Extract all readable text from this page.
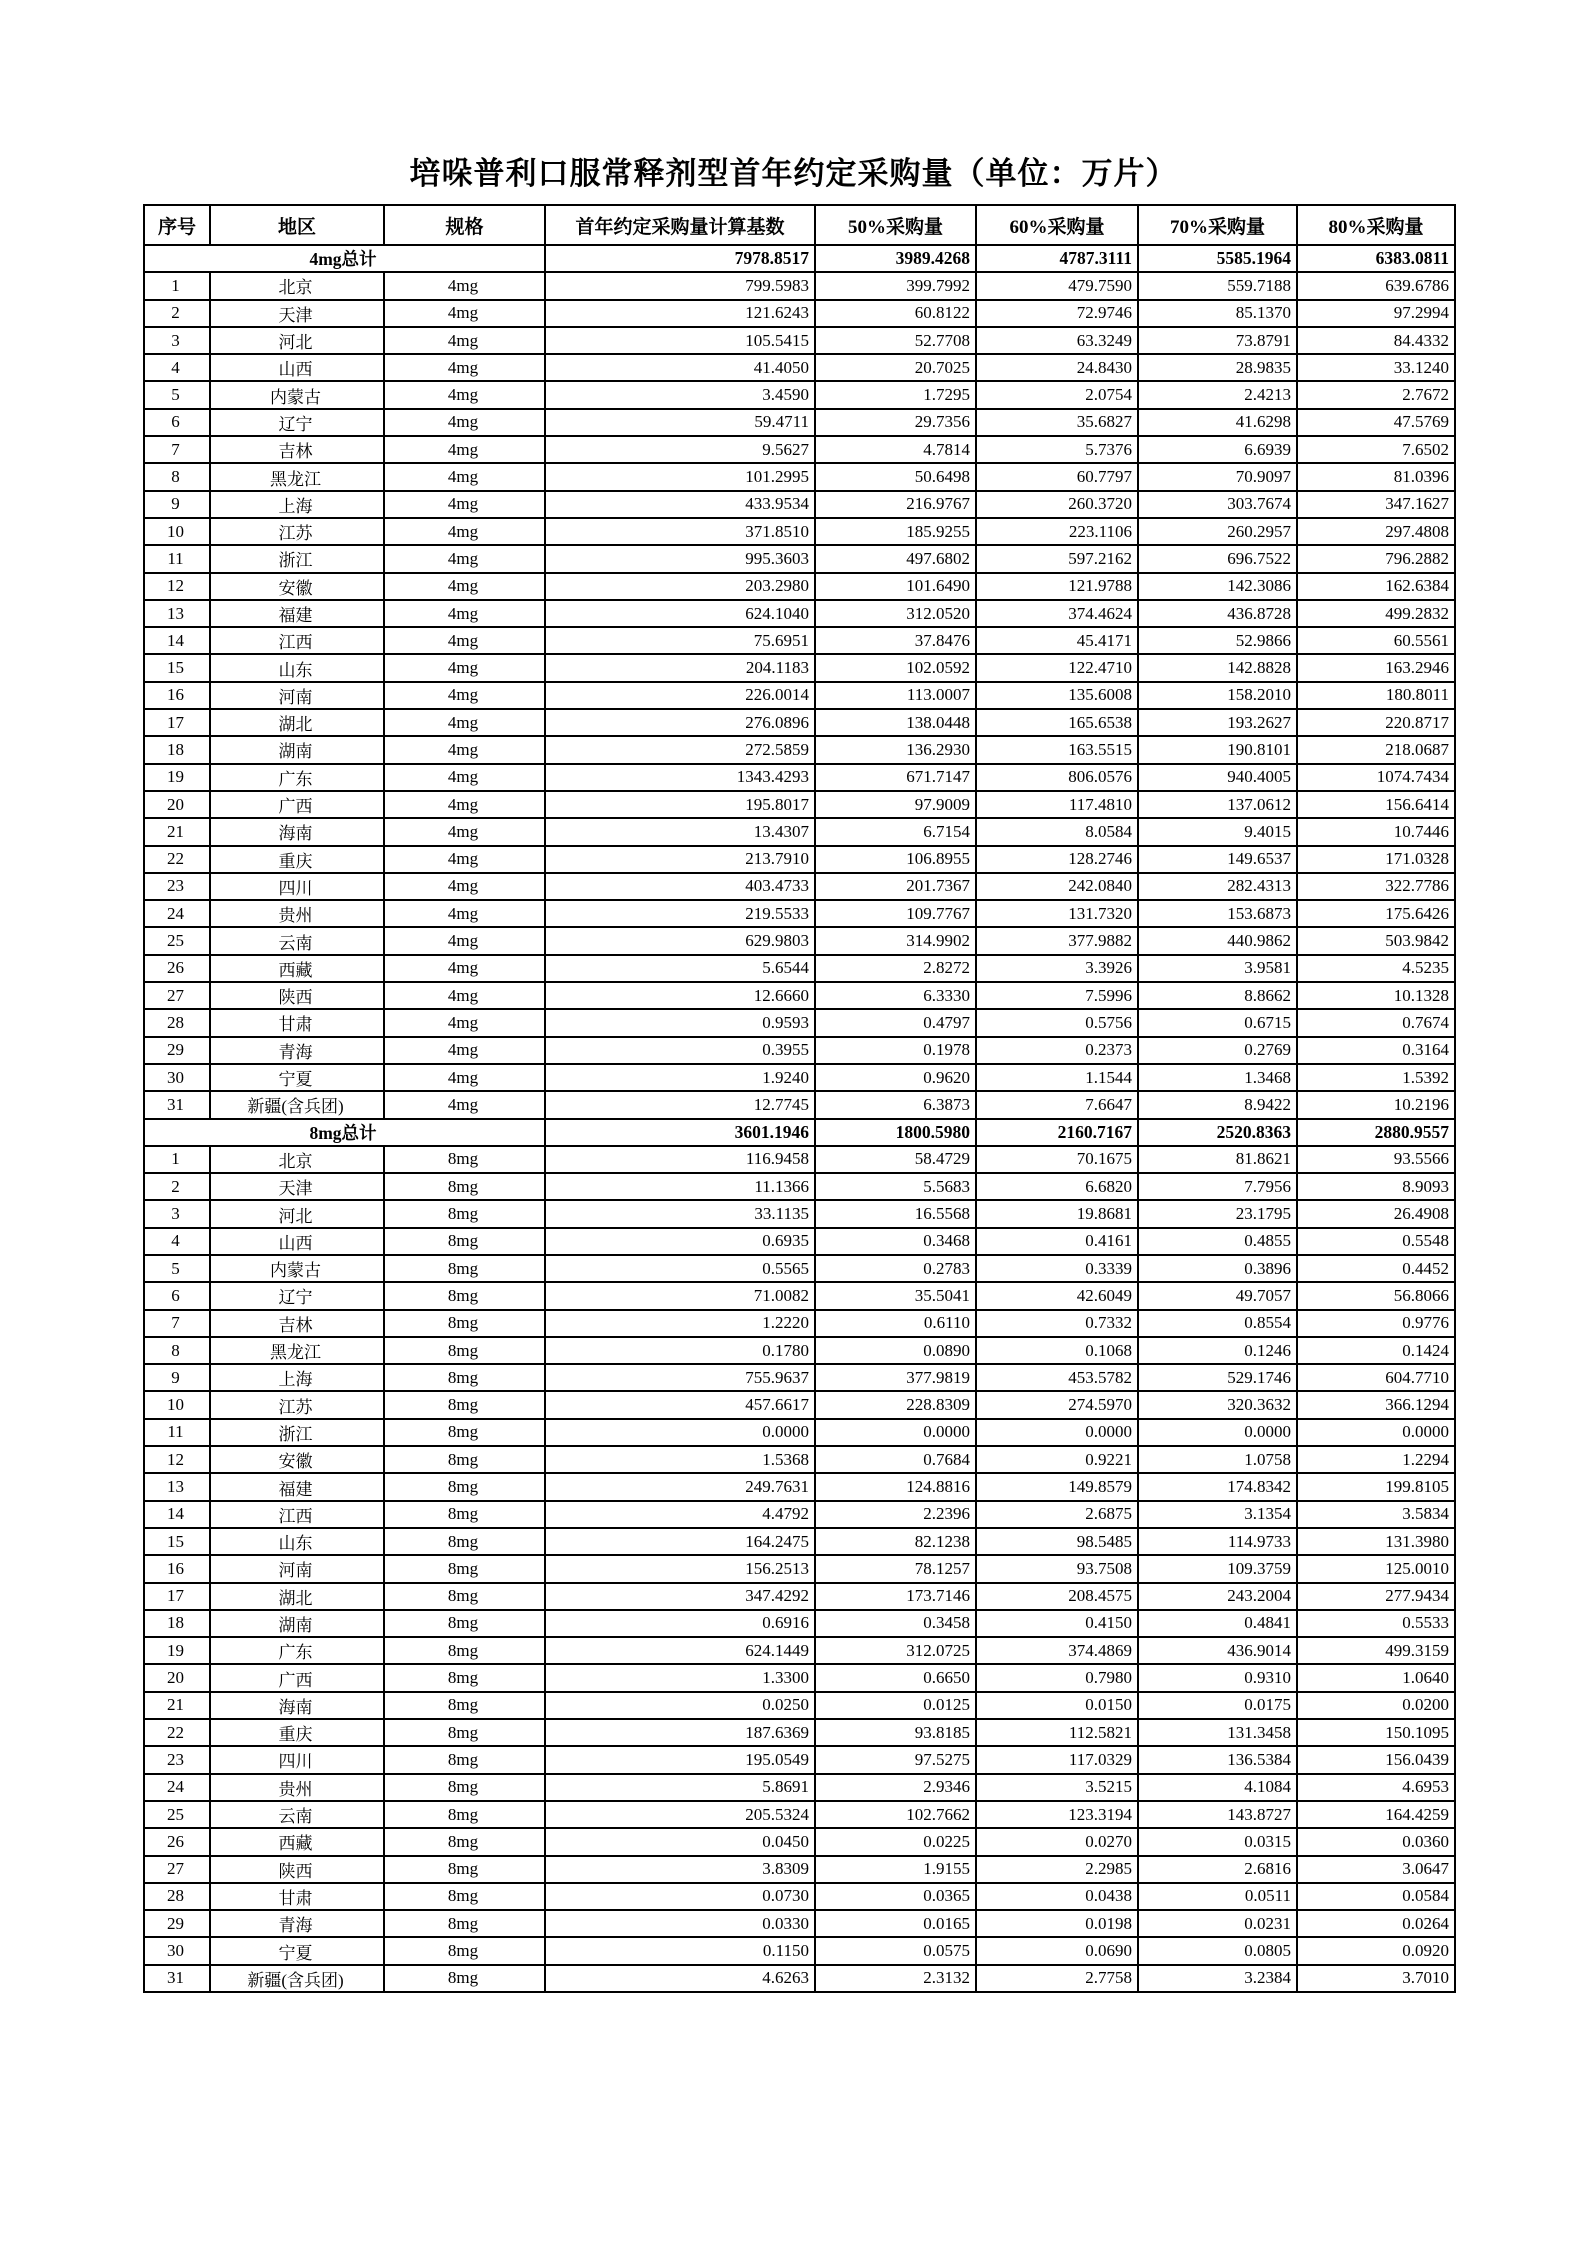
培哚普利口服常释剂型首年约定采购量（单位：万片）
序号	地区	规格	首年约定采购量计算基数	50%采购量	60%采购量	70%采购量	80%采购量
4mg总计			7978.8517	3989.4268	4787.3111	5585.1964	6383.0811
1	北京	4mg	799.5983	399.7992	479.7590	559.7188	639.6786
2	天津	4mg	121.6243	60.8122	72.9746	85.1370	97.2994
3	河北	4mg	105.5415	52.7708	63.3249	73.8791	84.4332
4	山西	4mg	41.4050	20.7025	24.8430	28.9835	33.1240
5	内蒙古	4mg	3.4590	1.7295	2.0754	2.4213	2.7672
6	辽宁	4mg	59.4711	29.7356	35.6827	41.6298	47.5769
7	吉林	4mg	9.5627	4.7814	5.7376	6.6939	7.6502
8	黑龙江	4mg	101.2995	50.6498	60.7797	70.9097	81.0396
9	上海	4mg	433.9534	216.9767	260.3720	303.7674	347.1627
10	江苏	4mg	371.8510	185.9255	223.1106	260.2957	297.4808
11	浙江	4mg	995.3603	497.6802	597.2162	696.7522	796.2882
12	安徽	4mg	203.2980	101.6490	121.9788	142.3086	162.6384
13	福建	4mg	624.1040	312.0520	374.4624	436.8728	499.2832
14	江西	4mg	75.6951	37.8476	45.4171	52.9866	60.5561
15	山东	4mg	204.1183	102.0592	122.4710	142.8828	163.2946
16	河南	4mg	226.0014	113.0007	135.6008	158.2010	180.8011
17	湖北	4mg	276.0896	138.0448	165.6538	193.2627	220.8717
18	湖南	4mg	272.5859	136.2930	163.5515	190.8101	218.0687
19	广东	4mg	1343.4293	671.7147	806.0576	940.4005	1074.7434
20	广西	4mg	195.8017	97.9009	117.4810	137.0612	156.6414
21	海南	4mg	13.4307	6.7154	8.0584	9.4015	10.7446
22	重庆	4mg	213.7910	106.8955	128.2746	149.6537	171.0328
23	四川	4mg	403.4733	201.7367	242.0840	282.4313	322.7786
24	贵州	4mg	219.5533	109.7767	131.7320	153.6873	175.6426
25	云南	4mg	629.9803	314.9902	377.9882	440.9862	503.9842
26	西藏	4mg	5.6544	2.8272	3.3926	3.9581	4.5235
27	陕西	4mg	12.6660	6.3330	7.5996	8.8662	10.1328
28	甘肃	4mg	0.9593	0.4797	0.5756	0.6715	0.7674
29	青海	4mg	0.3955	0.1978	0.2373	0.2769	0.3164
30	宁夏	4mg	1.9240	0.9620	1.1544	1.3468	1.5392
31	新疆(含兵团)	4mg	12.7745	6.3873	7.6647	8.9422	10.2196
8mg总计			3601.1946	1800.5980	2160.7167	2520.8363	2880.9557
1	北京	8mg	116.9458	58.4729	70.1675	81.8621	93.5566
2	天津	8mg	11.1366	5.5683	6.6820	7.7956	8.9093
3	河北	8mg	33.1135	16.5568	19.8681	23.1795	26.4908
4	山西	8mg	0.6935	0.3468	0.4161	0.4855	0.5548
5	内蒙古	8mg	0.5565	0.2783	0.3339	0.3896	0.4452
6	辽宁	8mg	71.0082	35.5041	42.6049	49.7057	56.8066
7	吉林	8mg	1.2220	0.6110	0.7332	0.8554	0.9776
8	黑龙江	8mg	0.1780	0.0890	0.1068	0.1246	0.1424
9	上海	8mg	755.9637	377.9819	453.5782	529.1746	604.7710
10	江苏	8mg	457.6617	228.8309	274.5970	320.3632	366.1294
11	浙江	8mg	0.0000	0.0000	0.0000	0.0000	0.0000
12	安徽	8mg	1.5368	0.7684	0.9221	1.0758	1.2294
13	福建	8mg	249.7631	124.8816	149.8579	174.8342	199.8105
14	江西	8mg	4.4792	2.2396	2.6875	3.1354	3.5834
15	山东	8mg	164.2475	82.1238	98.5485	114.9733	131.3980
16	河南	8mg	156.2513	78.1257	93.7508	109.3759	125.0010
17	湖北	8mg	347.4292	173.7146	208.4575	243.2004	277.9434
18	湖南	8mg	0.6916	0.3458	0.4150	0.4841	0.5533
19	广东	8mg	624.1449	312.0725	374.4869	436.9014	499.3159
20	广西	8mg	1.3300	0.6650	0.7980	0.9310	1.0640
21	海南	8mg	0.0250	0.0125	0.0150	0.0175	0.0200
22	重庆	8mg	187.6369	93.8185	112.5821	131.3458	150.1095
23	四川	8mg	195.0549	97.5275	117.0329	136.5384	156.0439
24	贵州	8mg	5.8691	2.9346	3.5215	4.1084	4.6953
25	云南	8mg	205.5324	102.7662	123.3194	143.8727	164.4259
26	西藏	8mg	0.0450	0.0225	0.0270	0.0315	0.0360
27	陕西	8mg	3.8309	1.9155	2.2985	2.6816	3.0647
28	甘肃	8mg	0.0730	0.0365	0.0438	0.0511	0.0584
29	青海	8mg	0.0330	0.0165	0.0198	0.0231	0.0264
30	宁夏	8mg	0.1150	0.0575	0.0690	0.0805	0.0920
31	新疆(含兵团)	8mg	4.6263	2.3132	2.7758	3.2384	3.7010
